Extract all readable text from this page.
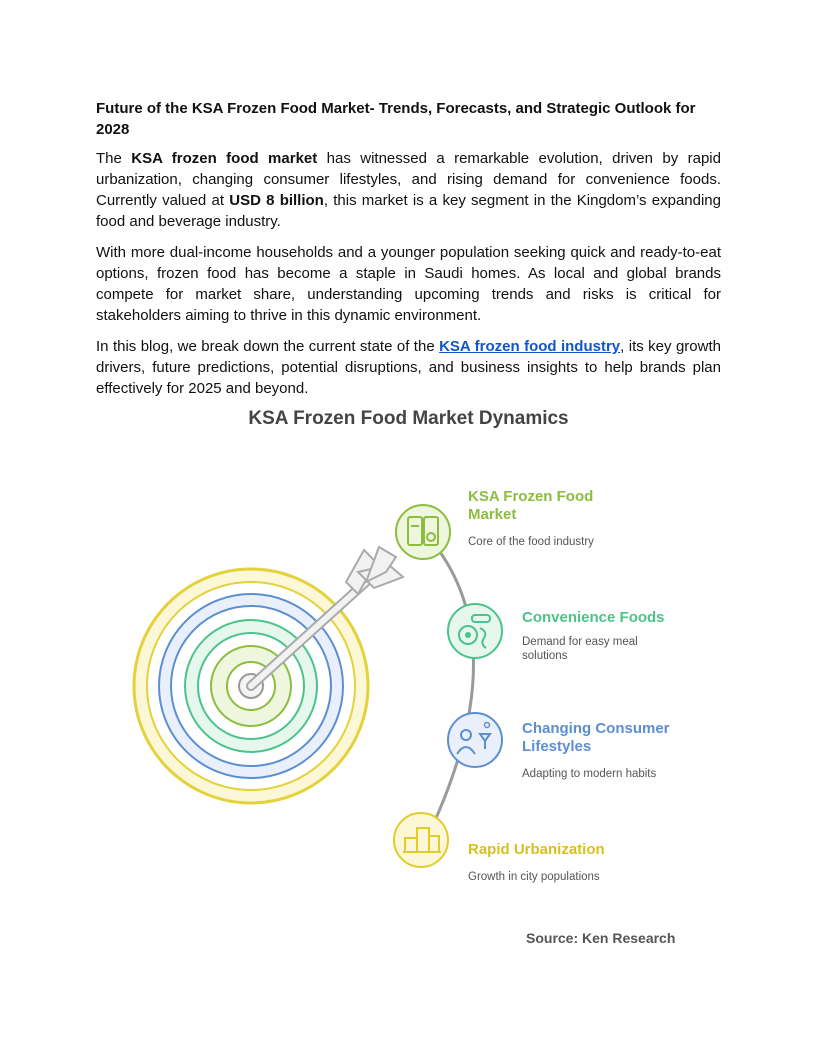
Future of the KSA Frozen Food Market- Trends, Forecasts, and Strategic Outlook for 2028

The KSA frozen food market has witnessed a remarkable evolution, driven by rapid urbanization, changing consumer lifestyles, and rising demand for convenience foods. Currently valued at USD 8 billion, this market is a key segment in the Kingdom’s expanding food and beverage industry.

With more dual-income households and a younger population seeking quick and ready-to-eat options, frozen food has become a staple in Saudi homes. As local and global brands compete for market share, understanding upcoming trends and risks is critical for stakeholders aiming to thrive in this dynamic environment.

In this blog, we break down the current state of the KSA frozen food industry, its key growth drivers, future predictions, potential disruptions, and business insights to help brands plan effectively for 2025 and beyond.

KSA Frozen Food Market Dynamics
KSA Frozen Food Market
Core of the food industry
Convenience Foods
Demand for easy meal solutions
Changing Consumer Lifestyles
Adapting to modern habits
Rapid Urbanization
Growth in city populations
Source: Ken Research
